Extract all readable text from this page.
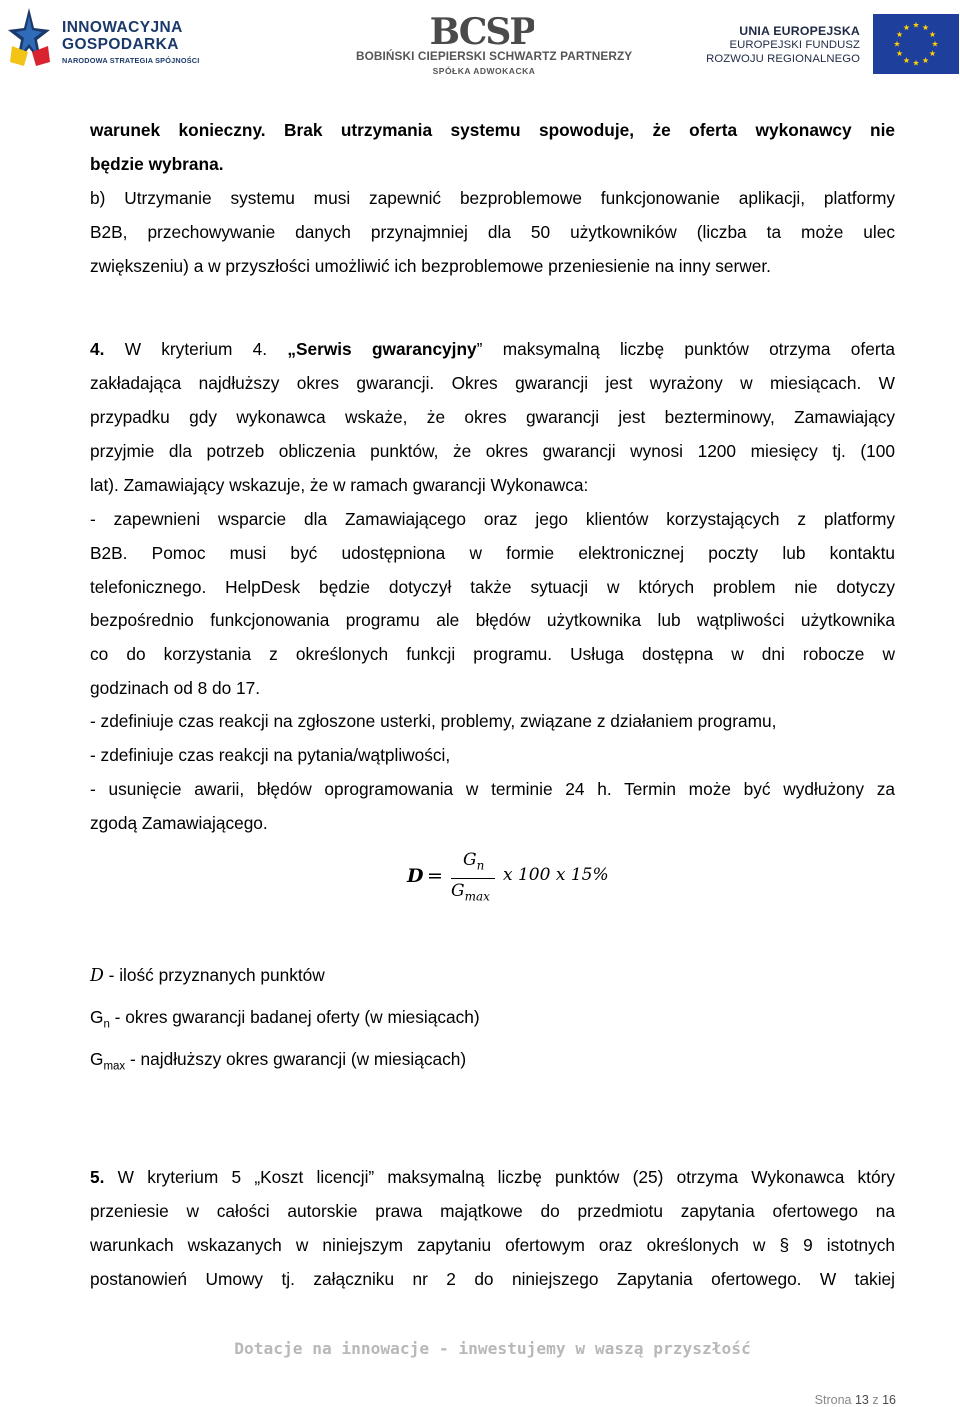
INNOWACYJNA
GOSPODARKA
NARODOWA STRATEGIA SPÓJNOŚCI
BCSP
BOBIŃSKI CIEPIERSKI SCHWARTZ PARTNERZY
SPÓŁKA ADWOKACKA
UNIA EUROPEJSKA
EUROPEJSKI FUNDUSZ
ROZWOJU REGIONALNEGO
warunek konieczny. Brak utrzymania systemu spowoduje, że oferta wykonawcy nie
będzie wybrana.
b) Utrzymanie systemu musi zapewnić bezproblemowe funkcjonowanie aplikacji, platformy
B2B, przechowywanie danych przynajmniej dla 50 użytkowników (liczba ta może ulec
zwiększeniu) a w przyszłości umożliwić ich bezproblemowe przeniesienie na inny serwer.
4. W kryterium 4. „Serwis gwarancyjny” maksymalną liczbę punktów otrzyma oferta
zakładająca najdłuższy okres gwarancji. Okres gwarancji jest wyrażony w miesiącach. W
przypadku gdy wykonawca wskaże, że okres gwarancji jest bezterminowy, Zamawiający
przyjmie dla potrzeb obliczenia punktów, że okres gwarancji wynosi 1200 miesięcy tj. (100
lat). Zamawiający wskazuje, że w ramach gwarancji Wykonawca:
- zapewnieni wsparcie dla Zamawiającego oraz jego klientów korzystających z platformy
B2B. Pomoc musi być udostępniona w formie elektronicznej poczty lub kontaktu
telefonicznego. HelpDesk będzie dotyczył także sytuacji w których problem nie dotyczy
bezpośrednio funkcjonowania programu ale błędów użytkownika lub wątpliwości użytkownika
co do korzystania z określonych funkcji programu. Usługa dostępna w dni robocze w
godzinach od 8 do 17.
- zdefiniuje czas reakcji na zgłoszone usterki, problemy, związane z działaniem programu,
- zdefiniuje czas reakcji na pytania/wątpliwości,
- usunięcie awarii, błędów oprogramowania w terminie 24 h. Termin może być wydłużony za
zgodą Zamawiającego.
D =
$G_n$
$G_{max}$
x 100 x 15%
D - ilość przyznanych punktów
$G_n$ - okres gwarancji badanej oferty (w miesiącach)
$G_{max}$ - najdłuższy okres gwarancji (w miesiącach)
5. W kryterium 5 „Koszt licencji” maksymalną liczbę punktów (25) otrzyma Wykonawca który
przeniesie w całości autorskie prawa majątkowe do przedmiotu zapytania ofertowego na
warunkach wskazanych w niniejszym zapytaniu ofertowym oraz określonych w § 9 istotnych
postanowień Umowy tj. załączniku nr 2 do niniejszego Zapytania ofertowego. W takiej
Dotacje na innowacje - inwestujemy w waszą przyszłość
Strona 13 z 16
